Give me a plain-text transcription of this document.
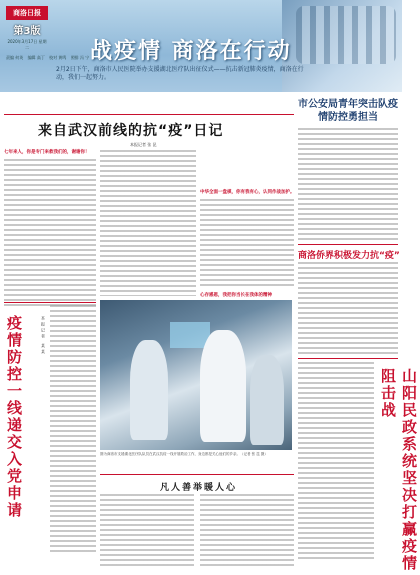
商洛日报
第3版
2020年3月17日 星期二	战疫情 商洛在行动
责编 何英 编辑 高丁 校对 黄鸣 照排 冯 宁
2月2日下午，商洛市人民医院举办支援湖北医疗队出征仪式——抗击新冠肺炎疫情，商洛在行动，我们一起努力。
来自武汉前线的抗“疫”日记
本报记者 张 昆
七年来人，你是专门来救我们的，谢谢你！
中华全面一盘棋，你有我有心，认同作战加护。
心存感恩，我把你当长在我体的精神
图为商洛市支援湖北医疗队队员在武汉抗疫一线开展救治工作，身边都是关心他们的乡亲。（记者 张 昆 摄）
疫情防控一线递交入党申请	本报记者 某某
市公安局青年突击队疫情防控勇担当
商洛侨界积极发力抗“疫”
山阳民政系统坚决打赢疫情阻击战
凡人善举暖人心
